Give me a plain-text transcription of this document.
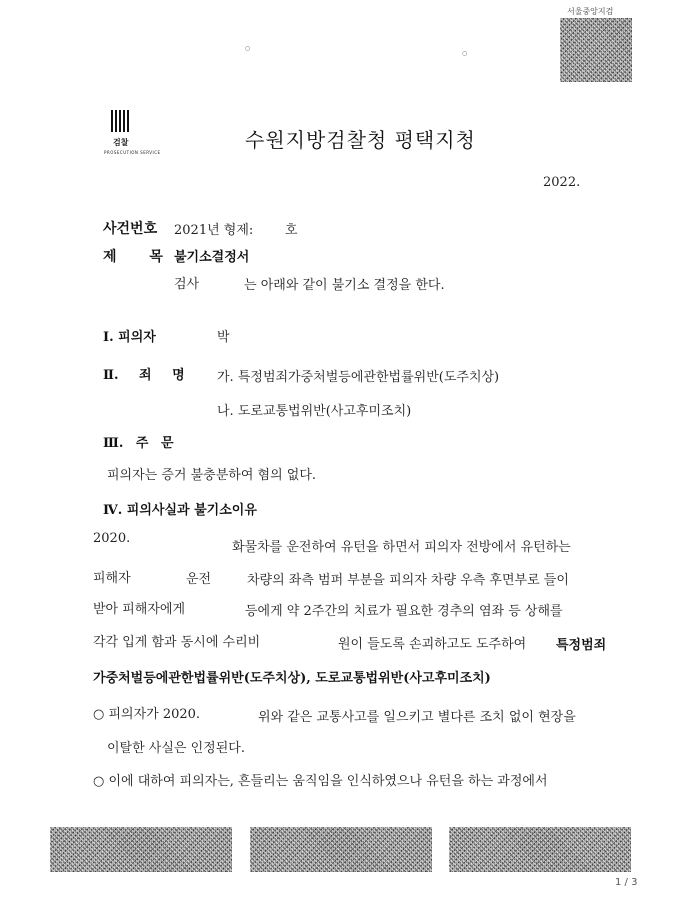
서울중앙지검
○
○
검찰
PROSECUTION SERVICE
수원지방검찰청 평택지청
2022.
사건번호 2021년 형제: 호
제 목 불기소결정서
검사	는 아래와 같이 불기소 결정을 한다.
Ⅰ. 피의자	박
Ⅱ. 죄 명 가. 특정범죄가중처벌등에관한법률위반(도주치상)
나. 도로교통법위반(사고후미조치)
Ⅲ. 주 문
피의자는 증거 불충분하여 혐의 없다.
Ⅳ. 피의사실과 불기소이유
2020.
화물차를 운전하여 유턴을 하면서 피의자 전방에서 유턴하는
피해자	운전	차량의 좌측 범퍼 부분을 피의자 차량 우측 후면부로 들이
받아 피해자에게	등에게 약 2주간의 치료가 필요한 경추의 염좌 등 상해를
각각 입게 함과 동시에 수리비	원이 들도록 손괴하고도 도주하여 특정범죄
가중처벌등에관한법률위반(도주치상), 도로교통법위반(사고후미조치)
○ 피의자가 2020.	위와 같은 교통사고를 일으키고 별다른 조치 없이 현장을
이탈한 사실은 인정된다.
○ 이에 대하여 피의자는, 흔들리는 움직임을 인식하였으나 유턴을 하는 과정에서
1 / 3
